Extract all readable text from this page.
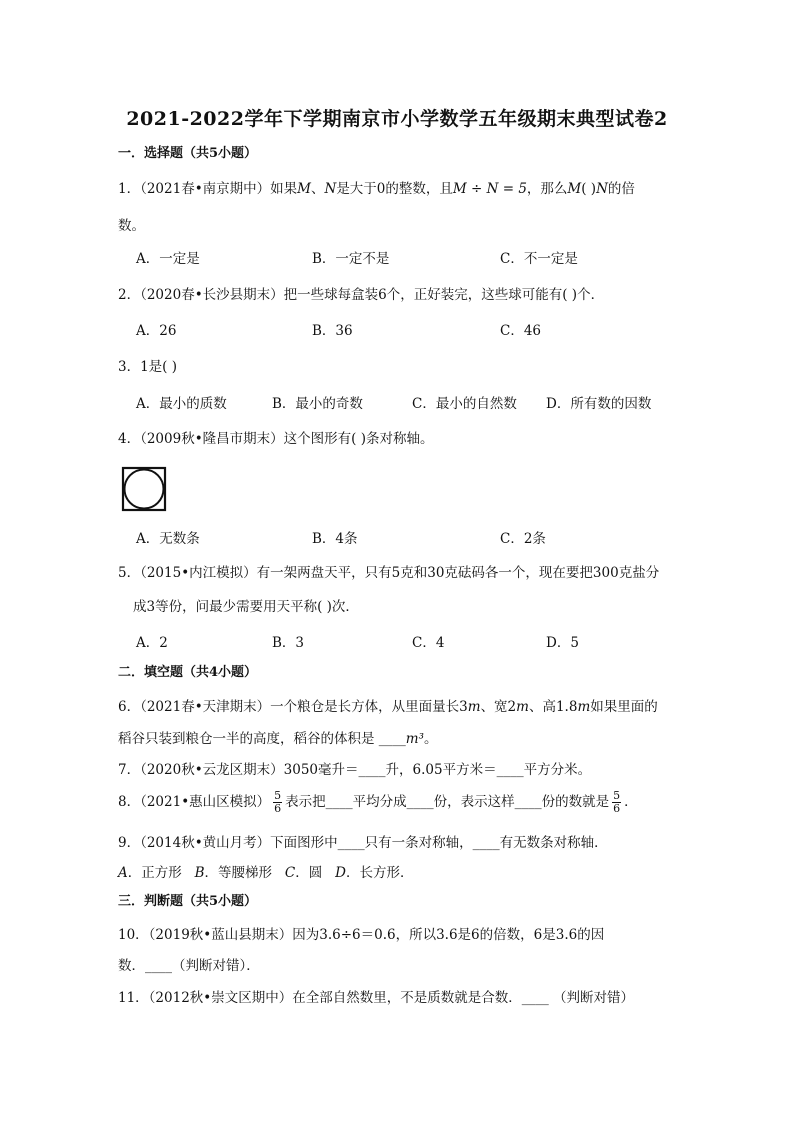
2021-2022学年下学期南京市小学数学五年级期末典型试卷2
一．选择题（共5小题）
1．（2021春•南京期中）如果M、N是大于0的整数，且M ÷ N = 5，那么M( )N的倍
数。
A．一定是	B．一定不是	C．不一定是
2．（2020春•长沙县期末）把一些球每盒装6个，正好装完，这些球可能有( )个．
A．26	B．36	C．46
3．1是( )
A．最小的质数	B．最小的奇数	C．最小的自然数 D．所有数的因数
4．（2009秋•隆昌市期末）这个图形有( )条对称轴。
A．无数条	B．4条	C．2条
5．（2015•内江模拟）有一架两盘天平，只有5克和30克砝码各一个，现在要把300克盐分
成3等份，问最少需要用天平称( )次．
A．2	B．3	C．4	D．5
二．填空题（共4小题）
6．（2021春•天津期末）一个粮仓是长方体，从里面量长3m、宽2m、高1.8m如果里面的
稻谷只装到粮仓一半的高度，稻谷的体积是 ____m³。
7．（2020秋•云龙区期末）3050毫升＝____升，6.05平方米＝____平方分米。
8．（2021•惠山区模拟） $\frac{5}{6}$ 表示把____平均分成____份，表示这样____份的数就是 $\frac{5}{6}$ ．
9．（2014秋•黄山月考）下面图形中____只有一条对称轴，____有无数条对称轴．
A．正方形 B．等腰梯形 C．圆 D．长方形．
三．判断题（共5小题）
10．（2019秋•蓝山县期末）因为3.6÷6＝0.6，所以3.6是6的倍数，6是3.6的因
数．____（判断对错）．
11．（2012秋•崇文区期中）在全部自然数里，不是质数就是合数．____ （判断对错）
